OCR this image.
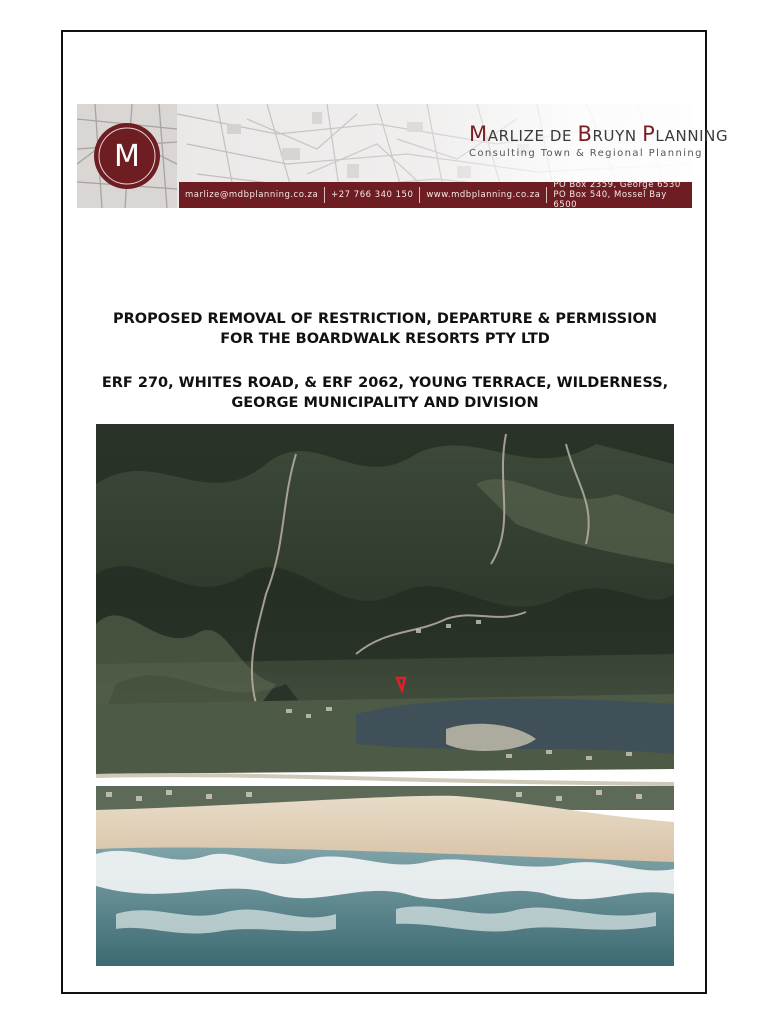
M
MARLIZE DE BRUYN PLANNING
Consulting Town & Regional Planning
marlize@mdbplanning.co.za	+27 766 340 150	www.mdbplanning.co.za
PO Box 2359, George 6530
PO Box 540, Mossel Bay 6500
PROPOSED REMOVAL OF RESTRICTION, DEPARTURE & PERMISSION
FOR THE BOARDWALK RESORTS PTY LTD
ERF 270, WHITES ROAD, & ERF 2062, YOUNG TERRACE, WILDERNESS,
GEORGE MUNICIPALITY AND DIVISION
